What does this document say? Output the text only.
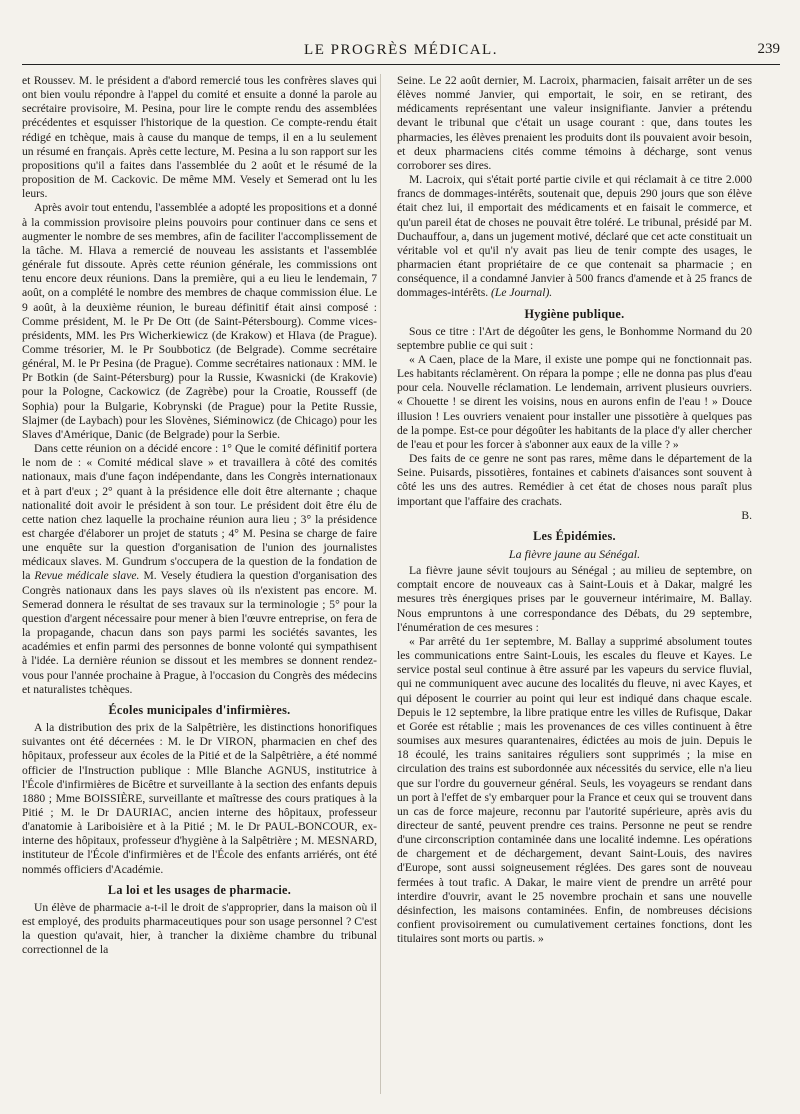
LE PROGRÈS MÉDICAL.	239

et Roussev. M. le président a d'abord remercié tous les confrères slaves qui ont bien voulu répondre à l'appel du comité et ensuite a donné la parole au secrétaire provisoire, M. Pesina, pour lire le compte rendu des assemblées précédentes et esquisser l'historique de la question. Ce compte-rendu était rédigé en tchèque, mais à cause du manque de temps, il en a lu seulement un résumé en français. Après cette lecture, M. Pesina a lu son rapport sur les propositions qu'il a faites dans l'assemblée du 2 août et le résumé de la proposition de M. Cackovic. De même MM. Vesely et Semerad ont lu les leurs.

Après avoir tout entendu, l'assemblée a adopté les propositions et a donné à la commission provisoire pleins pouvoirs pour continuer dans ce sens et augmenter le nombre de ses membres, afin de faciliter l'accomplissement de la tâche. M. Hlava a remercié de nouveau les assistants et l'assemblée générale fut dissoute. Après cette réunion générale, les commissions ont tenu encore deux réunions. Dans la première, qui a eu lieu le lendemain, 7 août, on a complété le nombre des membres de chaque commission élue. Le 9 août, à la deuxième réunion, le bureau définitif était ainsi composé : Comme président, M. le Pr De Ott (de Saint-Pétersbourg). Comme vices-présidents, MM. les Prs Wicherkiewicz (de Krakow) et Hlava (de Prague). Comme trésorier, M. le Pr Soubboticz (de Belgrade). Comme secrétaire général, M. le Pr Pesina (de Prague). Comme secrétaires nationaux : MM. le Pr Botkin (de Saint-Pétersburg) pour la Russie, Kwasnicki (de Krakovie) pour la Pologne, Cackowicz (de Zagrèbe) pour la Croatie, Rousseff (de Sophia) pour la Bulgarie, Kobrynski (de Prague) pour la Petite Russie, Slajmer (de Laybach) pour les Slovènes, Siéminowicz (de Chicago) pour les Slaves d'Amérique, Danic (de Belgrade) pour la Serbie.

Dans cette réunion on a décidé encore : 1° Que le comité définitif portera le nom de : « Comité médical slave » et travaillera à côté des comités nationaux, mais d'une façon indépendante, dans les Congrès internationaux et à part d'eux ; 2° quant à la présidence elle doit être alternante ; chaque nationalité doit avoir le président à son tour. Le président doit être élu de cette nation chez laquelle la prochaine réunion aura lieu ; 3° la présidence est chargée d'élaborer un projet de statuts ; 4° M. Pesina se charge de faire une enquête sur la question d'organisation de l'union des journalistes médicaux slaves. M. Gundrum s'occupera de la question de la fondation de la Revue médicale slave. M. Vesely étudiera la question d'organisation des Congrès nationaux dans les pays slaves où ils n'existent pas encore. M. Semerad donnera le résultat de ses travaux sur la terminologie ; 5° pour la question d'argent nécessaire pour mener à bien l'œuvre entreprise, on fera de la propagande, chacun dans son pays parmi les sociétés savantes, les académies et enfin parmi des personnes de bonne volonté qui sympathisent à l'idée. La dernière réunion se dissout et les membres se donnent rendez-vous pour l'année prochaine à Prague, à l'occasion du Congrès des médecins et naturalistes tchèques.

Écoles municipales d'infirmières.

A la distribution des prix de la Salpêtrière, les distinctions honorifiques suivantes ont été décernées : M. le Dr VIRON, pharmacien en chef des hôpitaux, professeur aux écoles de la Pitié et de la Salpêtrière, a été nommé officier de l'Instruction publique : Mlle Blanche AGNUS, institutrice à l'École d'infirmières de Bicêtre et surveillante à la section des enfants depuis 1880 ; Mme BOISSIÈRE, surveillante et maîtresse des cours pratiques à la Pitié ; M. le Dr DAURIAC, ancien interne des hôpitaux, professeur d'anatomie à Lariboisière et à la Pitié ; M. le Dr PAUL-BONCOUR, ex-interne des hôpitaux, professeur d'hygiène à la Salpêtrière ; M. MESNARD, instituteur de l'École d'infirmières et de l'École des enfants arriérés, ont été nommés officiers d'Académie.

La loi et les usages de pharmacie.

Un élève de pharmacie a-t-il le droit de s'approprier, dans la maison où il est employé, des produits pharmaceutiques pour son usage personnel ? C'est la question qu'avait, hier, à trancher la dixième chambre du tribunal correctionnel de la

Seine. Le 22 août dernier, M. Lacroix, pharmacien, faisait arrêter un de ses élèves nommé Janvier, qui emportait, le soir, en se retirant, des médicaments représentant une valeur insignifiante. Janvier a prétendu devant le tribunal que c'était un usage courant : que, dans toutes les pharmacies, les élèves prenaient les produits dont ils pouvaient avoir besoin, et deux pharmaciens cités comme témoins à décharge, sont venus corroborer ses dires.

M. Lacroix, qui s'était porté partie civile et qui réclamait à ce titre 2.000 francs de dommages-intérêts, soutenait que, depuis 290 jours que son élève était chez lui, il emportait des médicaments et en faisait le commerce, et qu'un pareil état de choses ne pouvait être toléré. Le tribunal, présidé par M. Duchauffour, a, dans un jugement motivé, déclaré que cet acte constituait un véritable vol et qu'il n'y avait pas lieu de tenir compte des usages, le pharmacien étant propriétaire de ce que contenait sa pharmacie ; en conséquence, il a condamné Janvier à 500 francs d'amende et à 25 francs de dommages-intérêts. (Le Journal).

Hygiène publique.

Sous ce titre : l'Art de dégoûter les gens, le Bonhomme Normand du 20 septembre publie ce qui suit :

« A Caen, place de la Mare, il existe une pompe qui ne fonctionnait pas. Les habitants réclamèrent. On répara la pompe ; elle ne donna pas plus d'eau pour cela. Nouvelle réclamation. Le lendemain, arrivent plusieurs ouvriers. « Chouette ! se dirent les voisins, nous en aurons enfin de l'eau ! » Douce illusion ! Les ouvriers venaient pour installer une pissotière à quelques pas de la pompe. Est-ce pour dégoûter les habitants de la place d'y aller chercher de l'eau et pour les forcer à s'abonner aux eaux de la ville ? »

Des faits de ce genre ne sont pas rares, même dans le département de la Seine. Puisards, pissotières, fontaines et cabinets d'aisances sont souvent à côté les uns des autres. Remédier à cet état de choses nous paraît plus important que l'affaire des crachats.

B.

Les Épidémies.
La fièvre jaune au Sénégal.

La fièvre jaune sévit toujours au Sénégal ; au milieu de septembre, on comptait encore de nouveaux cas à Saint-Louis et à Dakar, malgré les mesures très énergiques prises par le gouverneur intérimaire, M. Ballay. Nous empruntons à une correspondance des Débats, du 29 septembre, l'énumération de ces mesures :

« Par arrêté du 1er septembre, M. Ballay a supprimé absolument toutes les communications entre Saint-Louis, les escales du fleuve et Kayes. Le service postal seul continue à être assuré par les vapeurs du service fluvial, qui ne communiquent avec aucune des localités du fleuve, ni avec Kayes, et qui déposent le courrier au point qui leur est indiqué dans chaque escale. Depuis le 12 septembre, la libre pratique entre les villes de Rufisque, Dakar et Gorée est rétablie ; mais les provenances de ces villes continuent à être soumises aux mesures quarantenaires, édictées au mois de juin. Depuis le 18 écoulé, les trains sanitaires réguliers sont supprimés ; la mise en circulation des trains est subordonnée aux nécessités du service, elle n'a lieu que sur l'ordre du gouverneur général. Seuls, les voyageurs se rendant dans un port à l'effet de s'y embarquer pour la France et ceux qui se trouvent dans un cas de force majeure, reconnu par l'autorité supérieure, après avis du directeur de santé, peuvent prendre ces trains. Personne ne peut se rendre d'une circonscription contaminée dans une localité indemne. Les opérations de chargement et de déchargement, devant Saint-Louis, des navires d'Europe, sont aussi soigneusement réglées. Des gares sont de nouveau fermées à tout trafic. A Dakar, le maire vient de prendre un arrêté pour interdire d'ouvrir, avant le 25 novembre prochain et sans une nouvelle désinfection, les maisons contaminées. Enfin, de nombreuses décisions confient provisoirement ou cumulativement certaines fonctions, dont les titulaires sont morts ou partis. »
